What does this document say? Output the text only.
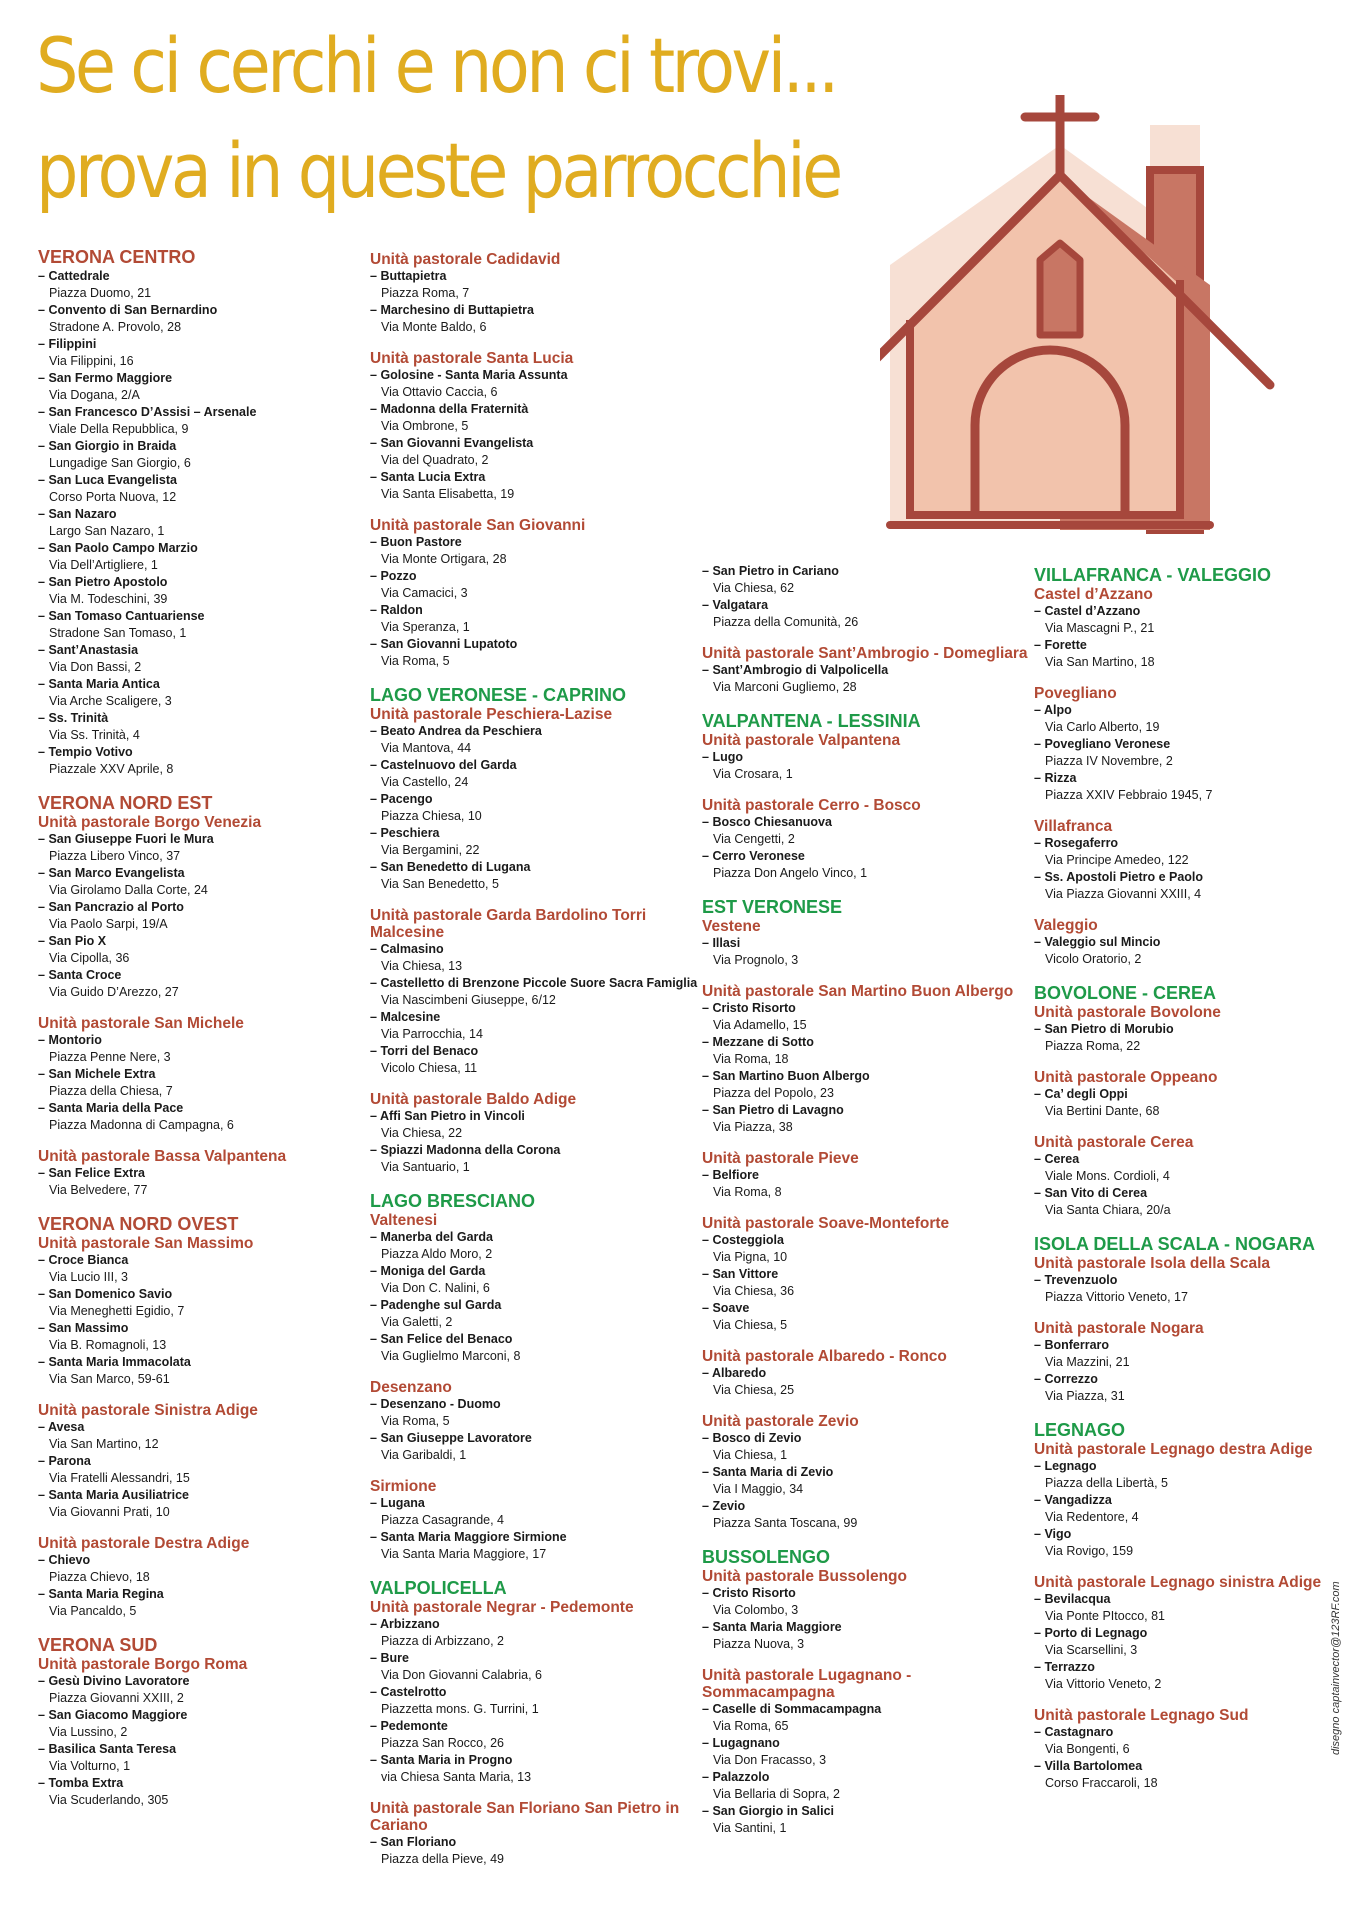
Se ci cerchi e non ci trovi...
prova in queste parrocchie
VERONA CENTRO
– Cattedrale
Piazza Duomo, 21
– Convento di San Bernardino
Stradone A. Provolo, 28
– Filippini
Via Filippini, 16
– San Fermo Maggiore
Via Dogana, 2/A
– San Francesco D’Assisi – Arsenale
Viale Della Repubblica, 9
– San Giorgio in Braida
Lungadige San Giorgio, 6
– San Luca Evangelista
Corso Porta Nuova, 12
– San Nazaro
Largo San Nazaro, 1
– San Paolo Campo Marzio
Via Dell’Artigliere, 1
– San Pietro Apostolo
Via M. Todeschini, 39
– San Tomaso Cantuariense
Stradone San Tomaso, 1
– Sant’Anastasia
Via Don Bassi, 2
– Santa Maria Antica
Via Arche Scaligere, 3
– Ss. Trinità
Via Ss. Trinità, 4
– Tempio Votivo
Piazzale XXV Aprile, 8
VERONA NORD EST
Unità pastorale Borgo Venezia
– San Giuseppe Fuori le Mura
Piazza Libero Vinco, 37
– San Marco Evangelista
Via Girolamo Dalla Corte, 24
– San Pancrazio al Porto
Via Paolo Sarpi, 19/A
– San Pio X
Via Cipolla, 36
– Santa Croce
Via Guido D’Arezzo, 27
Unità pastorale San Michele
– Montorio
Piazza Penne Nere, 3
– San Michele Extra
Piazza della Chiesa, 7
– Santa Maria della Pace
Piazza Madonna di Campagna, 6
Unità pastorale Bassa Valpantena
– San Felice Extra
Via Belvedere, 77
VERONA NORD OVEST
Unità pastorale San Massimo
– Croce Bianca
Via Lucio III, 3
– San Domenico Savio
Via Meneghetti Egidio, 7
– San Massimo
Via B. Romagnoli, 13
– Santa Maria Immacolata
Via San Marco, 59-61
Unità pastorale Sinistra Adige
– Avesa
Via San Martino, 12
– Parona
Via Fratelli Alessandri, 15
– Santa Maria Ausiliatrice
Via Giovanni Prati, 10
Unità pastorale Destra Adige
– Chievo
Piazza Chievo, 18
– Santa Maria Regina
Via Pancaldo, 5
VERONA SUD
Unità pastorale Borgo Roma
– Gesù Divino Lavoratore
Piazza Giovanni XXIII, 2
– San Giacomo Maggiore
Via Lussino, 2
– Basilica Santa Teresa
Via Volturno, 1
– Tomba Extra
Via Scuderlando, 305
Unità pastorale Cadidavid
– Buttapietra
Piazza Roma, 7
– Marchesino di Buttapietra
Via Monte Baldo, 6
Unità pastorale Santa Lucia
– Golosine - Santa Maria Assunta
Via Ottavio Caccia, 6
– Madonna della Fraternità
Via Ombrone, 5
– San Giovanni Evangelista
Via del Quadrato, 2
– Santa Lucia Extra
Via Santa Elisabetta, 19
Unità pastorale San Giovanni
– Buon Pastore
Via Monte Ortigara, 28
– Pozzo
Via Camacici, 3
– Raldon
Via Speranza, 1
– San Giovanni Lupatoto
Via Roma, 5
LAGO VERONESE - CAPRINO
Unità pastorale Peschiera-Lazise
– Beato Andrea da Peschiera
Via Mantova, 44
– Castelnuovo del Garda
Via Castello, 24
– Pacengo
Piazza Chiesa, 10
– Peschiera
Via Bergamini, 22
– San Benedetto di Lugana
Via San Benedetto, 5
Unità pastorale Garda Bardolino Torri Malcesine
– Calmasino
Via Chiesa, 13
– Castelletto di Brenzone Piccole Suore Sacra Famiglia
Via Nascimbeni Giuseppe, 6/12
– Malcesine
Via Parrocchia, 14
– Torri del Benaco
Vicolo Chiesa, 11
Unità pastorale Baldo Adige
– Affi San Pietro in Vincoli
Via Chiesa, 22
– Spiazzi Madonna della Corona
Via Santuario, 1
LAGO BRESCIANO
Valtenesi
– Manerba del Garda
Piazza Aldo Moro, 2
– Moniga del Garda
Via Don C. Nalini, 6
– Padenghe sul Garda
Via Galetti, 2
– San Felice del Benaco
Via Guglielmo Marconi, 8
Desenzano
– Desenzano - Duomo
Via Roma, 5
– San Giuseppe Lavoratore
Via Garibaldi, 1
Sirmione
– Lugana
Piazza Casagrande, 4
– Santa Maria Maggiore Sirmione
Via Santa Maria Maggiore, 17
VALPOLICELLA
Unità pastorale Negrar - Pedemonte
– Arbizzano
Piazza di Arbizzano, 2
– Bure
Via Don Giovanni Calabria, 6
– Castelrotto
Piazzetta mons. G. Turrini, 1
– Pedemonte
Piazza San Rocco, 26
– Santa Maria in Progno
via Chiesa Santa Maria, 13
Unità pastorale San Floriano San Pietro in Cariano
– San Floriano
Piazza della Pieve, 49
– San Pietro in Cariano
Via Chiesa, 62
– Valgatara
Piazza della Comunità, 26
Unità pastorale Sant’Ambrogio - Domegliara
– Sant’Ambrogio di Valpolicella
Via Marconi Gugliemo, 28
VALPANTENA - LESSINIA
Unità pastorale Valpantena
– Lugo
Via Crosara, 1
Unità pastorale Cerro - Bosco
– Bosco Chiesanuova
Via Cengetti, 2
– Cerro Veronese
Piazza Don Angelo Vinco, 1
EST VERONESE
Vestene
– Illasi
Via Prognolo, 3
Unità pastorale San Martino Buon Albergo
– Cristo Risorto
Via Adamello, 15
– Mezzane di Sotto
Via Roma, 18
– San Martino Buon Albergo
Piazza del Popolo, 23
– San Pietro di Lavagno
Via Piazza, 38
Unità pastorale Pieve
– Belfiore
Via Roma, 8
Unità pastorale Soave-Monteforte
– Costeggiola
Via Pigna, 10
– San Vittore
Via Chiesa, 36
– Soave
Via Chiesa, 5
Unità pastorale Albaredo - Ronco
– Albaredo
Via Chiesa, 25
Unità pastorale Zevio
– Bosco di Zevio
Via Chiesa, 1
– Santa Maria di Zevio
Via I Maggio, 34
– Zevio
Piazza Santa Toscana, 99
BUSSOLENGO
Unità pastorale Bussolengo
– Cristo Risorto
Via Colombo, 3
– Santa Maria Maggiore
Piazza Nuova, 3
Unità pastorale Lugagnano - Sommacampagna
– Caselle di Sommacampagna
Via Roma, 65
– Lugagnano
Via Don Fracasso, 3
– Palazzolo
Via Bellaria di Sopra, 2
– San Giorgio in Salici
Via Santini, 1
VILLAFRANCA - VALEGGIO
Castel d’Azzano
– Castel d’Azzano
Via Mascagni P., 21
– Forette
Via San Martino, 18
Povegliano
– Alpo
Via Carlo Alberto, 19
– Povegliano Veronese
Piazza IV Novembre, 2
– Rizza
Piazza XXIV Febbraio 1945, 7
Villafranca
– Rosegaferro
Via Principe Amedeo, 122
– Ss. Apostoli Pietro e Paolo
Via Piazza Giovanni XXIII, 4
Valeggio
– Valeggio sul Mincio
Vicolo Oratorio, 2
BOVOLONE - CEREA
Unità pastorale Bovolone
– San Pietro di Morubio
Piazza Roma, 22
Unità pastorale Oppeano
– Ca’ degli Oppi
Via Bertini Dante, 68
Unità pastorale Cerea
– Cerea
Viale Mons. Cordioli, 4
– San Vito di Cerea
Via Santa Chiara, 20/a
ISOLA DELLA SCALA - NOGARA
Unità pastorale Isola della Scala
– Trevenzuolo
Piazza Vittorio Veneto, 17
Unità pastorale Nogara
– Bonferraro
Via Mazzini, 21
– Correzzo
Via Piazza, 31
LEGNAGO
Unità pastorale Legnago destra Adige
– Legnago
Piazza della Libertà, 5
– Vangadizza
Via Redentore, 4
– Vigo
Via Rovigo, 159
Unità pastorale Legnago sinistra Adige
– Bevilacqua
Via Ponte PItocco, 81
– Porto di Legnago
Via Scarsellini, 3
– Terrazzo
Via Vittorio Veneto, 2
Unità pastorale Legnago Sud
– Castagnaro
Via Bongenti, 6
– Villa Bartolomea
Corso Fraccaroli, 18
disegno captainvector@123RF.com
